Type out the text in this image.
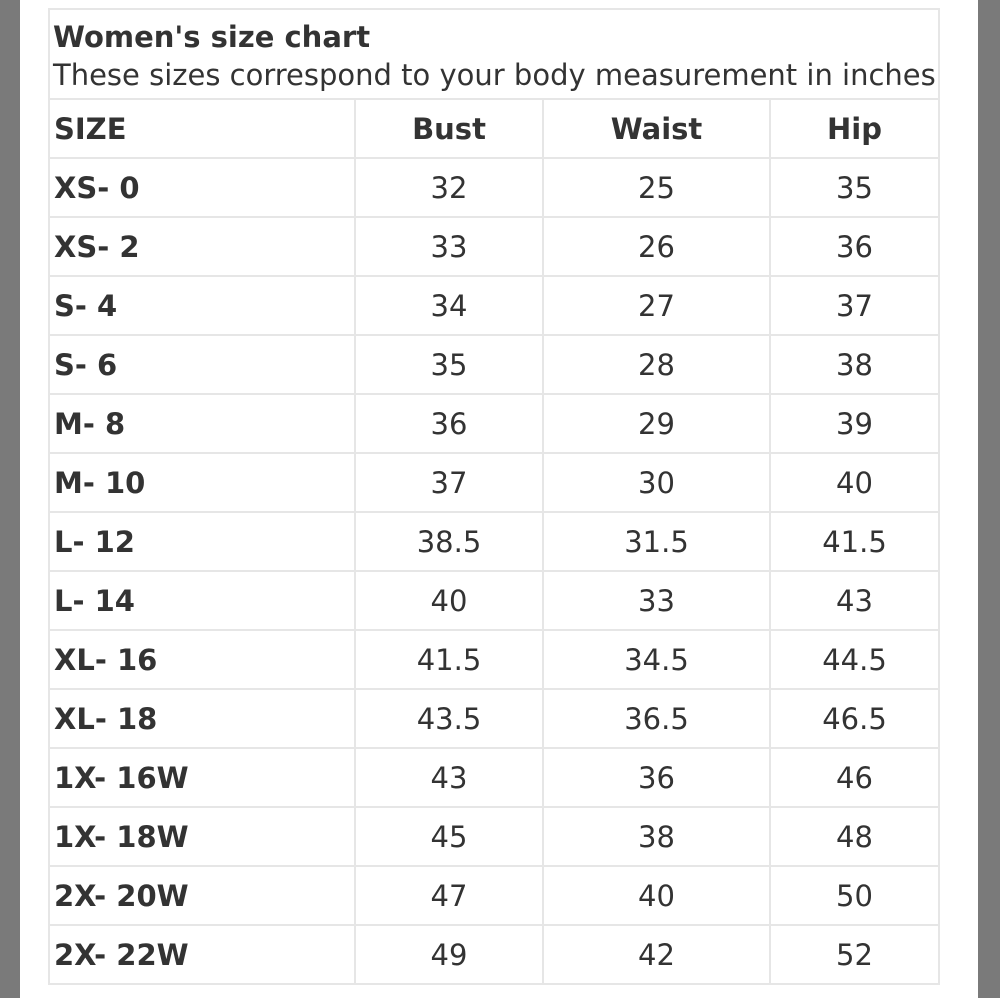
Women's size chart
These sizes correspond to your body measurement in inches			

SIZE	Bust	Waist	Hip
XS- 0	32	25	35
XS- 2	33	26	36
S- 4	34	27	37
S- 6	35	28	38
M- 8	36	29	39
M- 10	37	30	40
L- 12	38.5	31.5	41.5
L- 14	40	33	43
XL- 16	41.5	34.5	44.5
XL- 18	43.5	36.5	46.5
1X- 16W	43	36	46
1X- 18W	45	38	48
2X- 20W	47	40	50
2X- 22W	49	42	52
